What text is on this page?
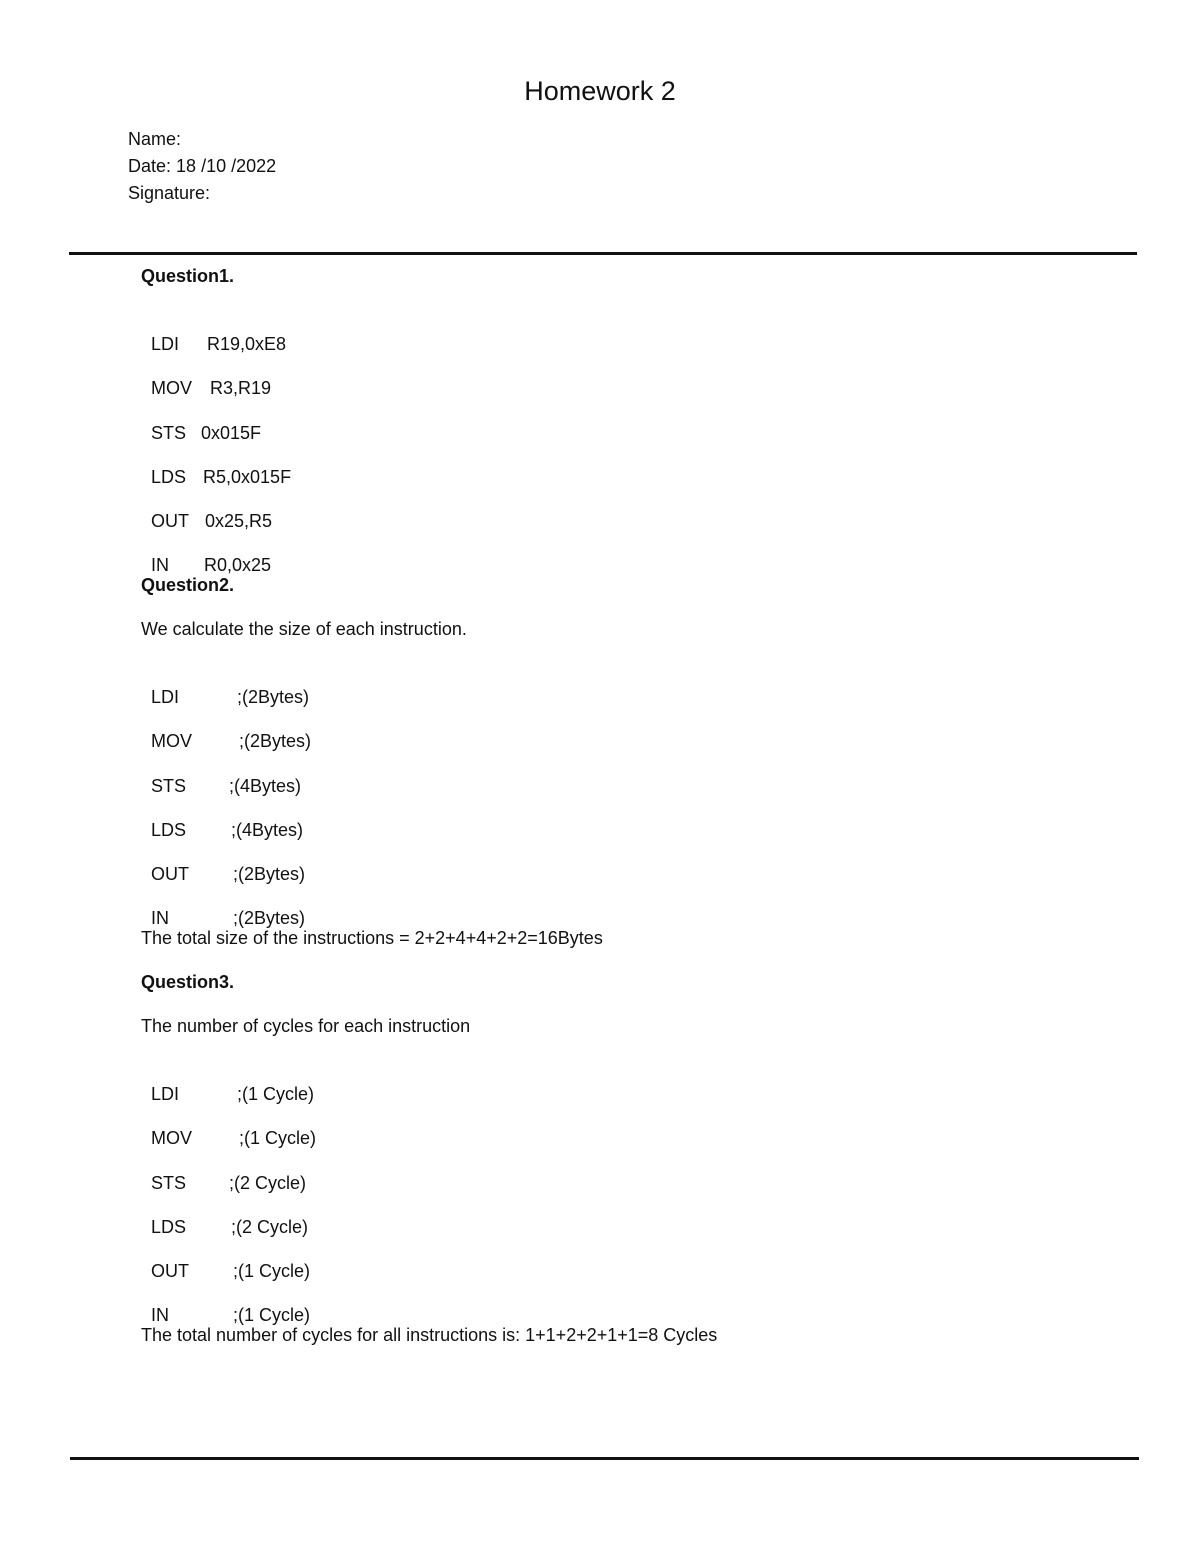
Homework 2
Name:
Date: 18 /10 /2022
Signature:
Question1.

LDI R19,0xE8

MOV R3,R19

STS 0x015F

LDS R5,0x015F

OUT 0x25,R5

IN R0,0x25

Question2.
We calculate the size of each instruction.

LDI	;(2Bytes)

MOV	;(2Bytes)

STS ;(4Bytes)

LDS ;(4Bytes)

OUT ;(2Bytes)

IN	;(2Bytes)

The total size of the instructions = 2+2+4+4+2+2=16Bytes
Question3.
The number of cycles for each instruction

LDI	;(1 Cycle)

MOV	;(1 Cycle)

STS ;(2 Cycle)

LDS ;(2 Cycle)

OUT ;(1 Cycle)

IN	;(1 Cycle)

The total number of cycles for all instructions is: 1+1+2+2+1+1=8 Cycles
